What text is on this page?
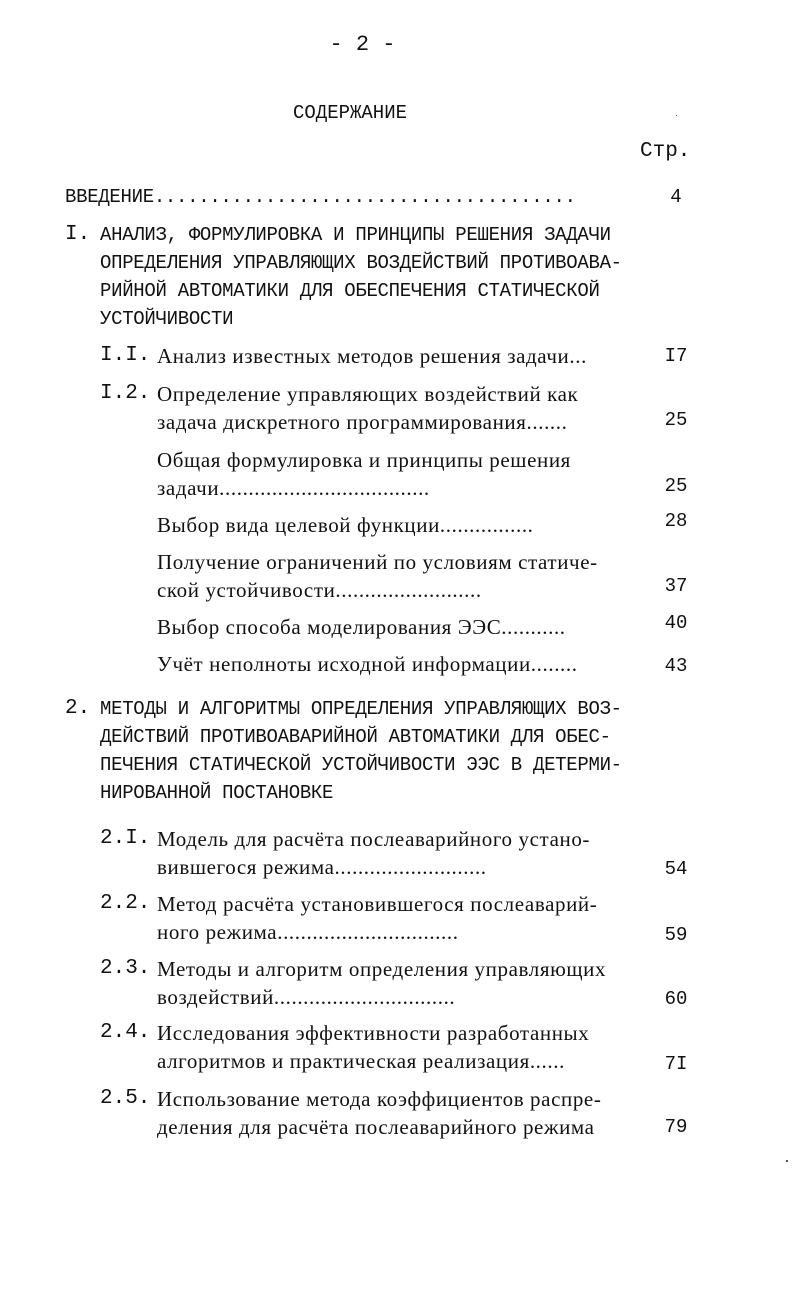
- 2 -
СОДЕРЖАНИЕ
Стр.
ВВЕДЕНИЕ......................................	4
I. АНАЛИЗ, ФОРМУЛИРОВКА И ПРИНЦИПЫ РЕШЕНИЯ ЗАДАЧИ
ОПРЕДЕЛЕНИЯ УПРАВЛЯЮЩИХ ВОЗДЕЙСТВИЙ ПРОТИВОАВА-
РИЙНОЙ АВТОМАТИКИ ДЛЯ ОБЕСПЕЧЕНИЯ СТАТИЧЕСКОЙ
УСТОЙЧИВОСТИ
I.I. Анализ известных методов решения задачи...	I7
I.2. Определение управляющих воздействий как
задача дискретного программирования.......	25
Общая формулировка и принципы решения
задачи....................................	25
Выбор вида целевой функции................	28
Получение ограничений по условиям статиче-
ской устойчивости.........................	37
Выбор способа моделирования ЭЭС...........	40
Учёт неполноты исходной информации........	43
2. МЕТОДЫ И АЛГОРИТМЫ ОПРЕДЕЛЕНИЯ УПРАВЛЯЮЩИХ ВОЗ-
ДЕЙСТВИЙ ПРОТИВОАВАРИЙНОЙ АВТОМАТИКИ ДЛЯ ОБЕС-
ПЕЧЕНИЯ СТАТИЧЕСКОЙ УСТОЙЧИВОСТИ ЭЭС В ДЕТЕРМИ-
НИРОВАННОЙ ПОСТАНОВКЕ
2.I. Модель для расчёта послеаварийного устано-
вившегося режима..........................	54
2.2. Метод расчёта установившегося послеаварий-
ного режима...............................	59
2.3. Методы и алгоритм определения управляющих
воздействий...............................	60
2.4. Исследования эффективности разработанных
алгоритмов и практическая реализация......	7I
2.5. Использование метода коэффициентов распре-
деления для расчёта послеаварийного режима	79
